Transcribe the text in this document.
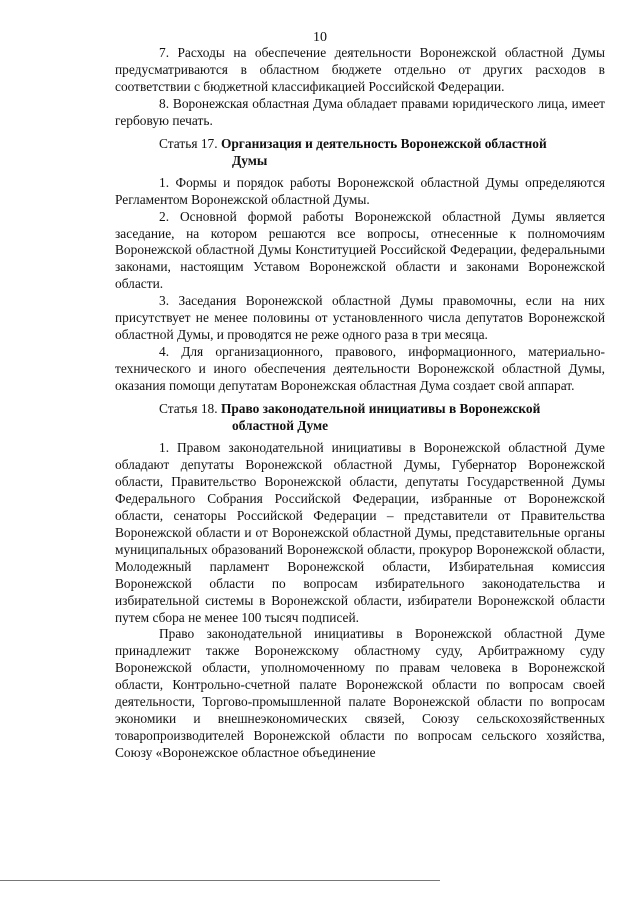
10

7. Расходы на обеспечение деятельности Воронежской областной Думы предусматриваются в областном бюджете отдельно от других расходов в соответствии с бюджетной классификацией Российской Федерации.

8. Воронежская областная Дума обладает правами юридического лица, имеет гербовую печать.

Статья 17. Организация и деятельность Воронежской областной
Думы

1. Формы и порядок работы Воронежской областной Думы определяются Регламентом Воронежской областной Думы.

2. Основной формой работы Воронежской областной Думы является заседание, на котором решаются все вопросы, отнесенные к полномочиям Воронежской областной Думы Конституцией Российской Федерации, федеральными законами, настоящим Уставом Воронежской области и законами Воронежской области.

3. Заседания Воронежской областной Думы правомочны, если на них присутствует не менее половины от установленного числа депутатов Воронежской областной Думы, и проводятся не реже одного раза в три месяца.

4. Для организационного, правового, информационного, материально-технического и иного обеспечения деятельности Воронежской областной Думы, оказания помощи депутатам Воронежская областная Дума создает свой аппарат.

Статья 18. Право законодательной инициативы в Воронежской
областной Думе

1. Правом законодательной инициативы в Воронежской областной Думе обладают депутаты Воронежской областной Думы, Губернатор Воронежской области, Правительство Воронежской области, депутаты Государственной Думы Федерального Собрания Российской Федерации, избранные от Воронежской области, сенаторы Российской Федерации – представители от Правительства Воронежской области и от Воронежской областной Думы, представительные органы муниципальных образований Воронежской области, прокурор Воронежской области, Молодежный парламент Воронежской области, Избирательная комиссия Воронежской области по вопросам избирательного законодательства и избирательной системы в Воронежской области, избиратели Воронежской области путем сбора не менее 100 тысяч подписей.

Право законодательной инициативы в Воронежской областной Думе принадлежит также Воронежскому областному суду, Арбитражному суду Воронежской области, уполномоченному по правам человека в Воронежской области, Контрольно-счетной палате Воронежской области по вопросам своей деятельности, Торгово-промышленной палате Воронежской области по вопросам экономики и внешнеэкономических связей, Союзу сельскохозяйственных товаропроизводителей Воронежской области по вопросам сельского хозяйства, Союзу «Воронежское областное объединение
